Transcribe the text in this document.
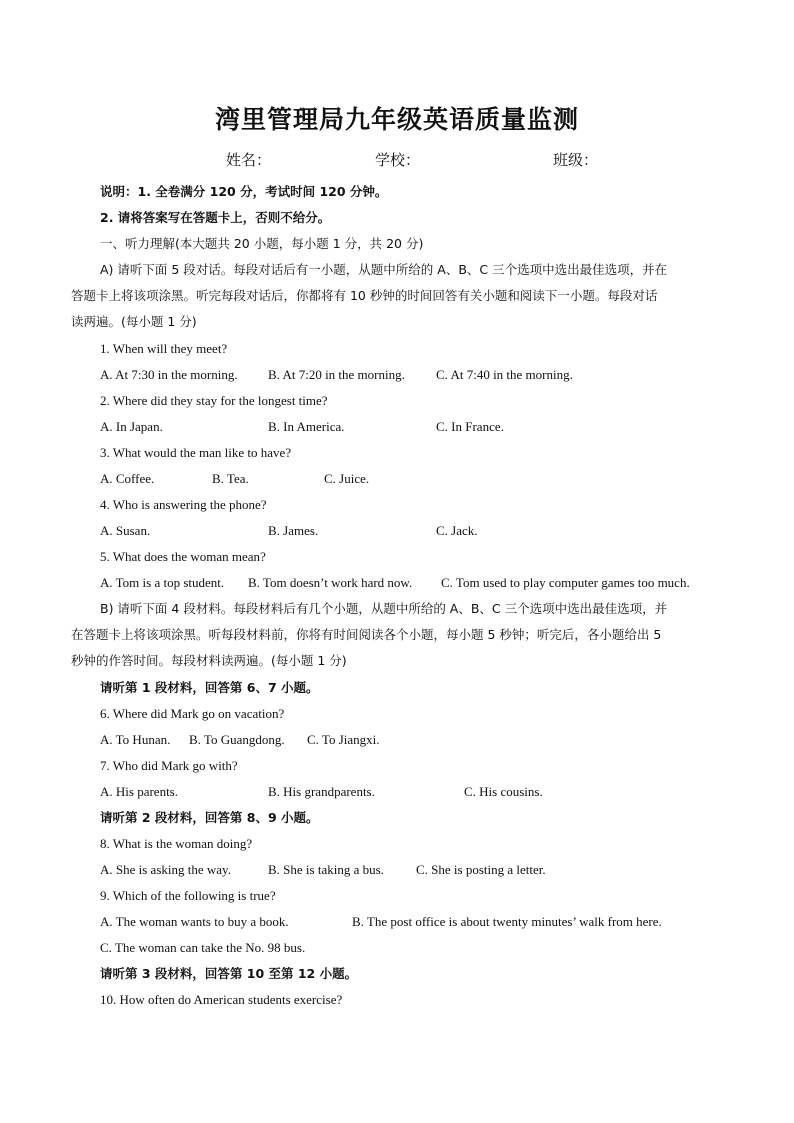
湾里管理局九年级英语质量监测
姓名：	学校：	班级：
说明：1. 全卷满分 120 分，考试时间 120 分钟。
2. 请将答案写在答题卡上，否则不给分。
一、听力理解(本大题共 20 小题，每小题 1 分，共 20 分)
A) 请听下面 5 段对话。每段对话后有一小题，从题中所给的 A、B、C 三个选项中选出最佳选项，并在
答题卡上将该项涂黑。听完每段对话后，你都将有 10 秒钟的时间回答有关小题和阅读下一小题。每段对话
读两遍。(每小题 1 分)
1. When will they meet?
A. At 7:30 in the morning. B. At 7:20 in the morning. C. At 7:40 in the morning.
2. Where did they stay for the longest time?
A. In Japan.	B. In America.	C. In France.
3. What would the man like to have?
A. Coffee.	B. Tea.	C. Juice.
4. Who is answering the phone?
A. Susan.	B. James.	C. Jack.
5. What does the woman mean?
A. Tom is a top student. B. Tom doesn’t work hard now. C. Tom used to play computer games too much.
B) 请听下面 4 段材料。每段材料后有几个小题，从题中所给的 A、B、C 三个选项中选出最佳选项，并
在答题卡上将该项涂黑。听每段材料前，你将有时间阅读各个小题，每小题 5 秒钟；听完后，各小题给出 5
秒钟的作答时间。每段材料读两遍。(每小题 1 分)
请听第 1 段材料，回答第 6、7 小题。
6. Where did Mark go on vacation?
A. To Hunan. B. To Guangdong. C. To Jiangxi.
7. Who did Mark go with?
A. His parents.	B. His grandparents.	C. His cousins.
请听第 2 段材料，回答第 8、9 小题。
8. What is the woman doing?
A. She is asking the way.	B. She is taking a bus. C. She is posting a letter.
9. Which of the following is true?
A. The woman wants to buy a book.	B. The post office is about twenty minutes’ walk from here.
C. The woman can take the No. 98 bus.
请听第 3 段材料，回答第 10 至第 12 小题。
10. How often do American students exercise?
